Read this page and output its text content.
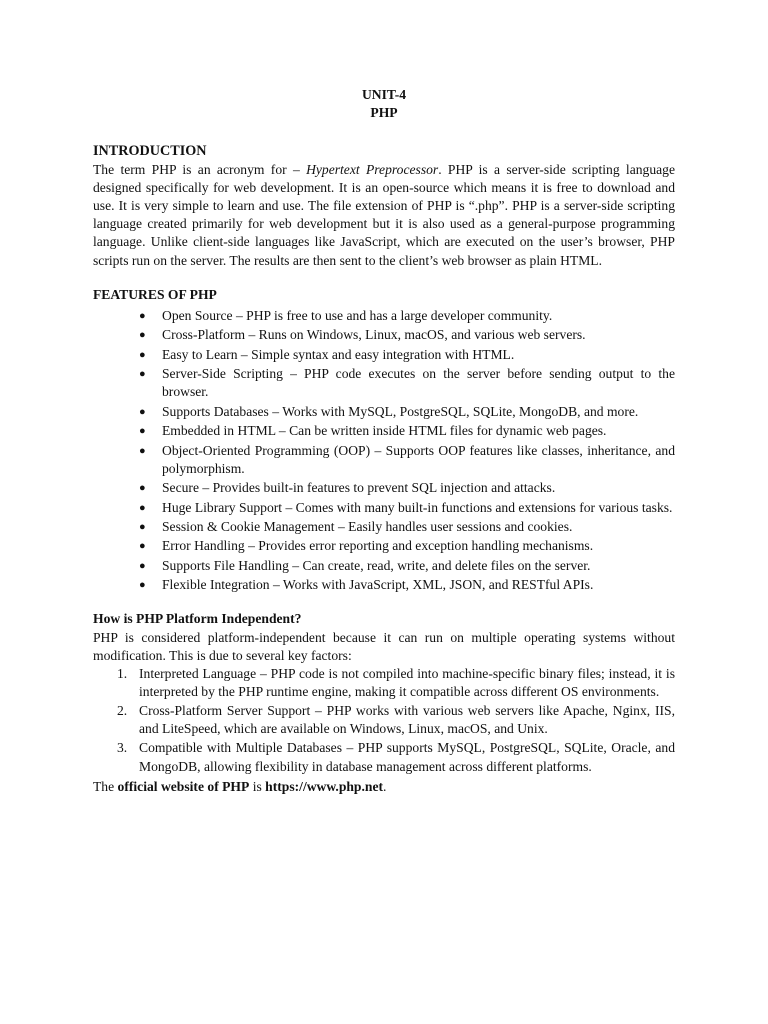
UNIT-4
PHP
INTRODUCTION

The term PHP is an acronym for – Hypertext Preprocessor. PHP is a server-side scripting language designed specifically for web development. It is an open-source which means it is free to download and use. It is very simple to learn and use. The file extension of PHP is “.php”. PHP is a server-side scripting language created primarily for web development but it is also used as a general-purpose programming language. Unlike client-side languages like JavaScript, which are executed on the user’s browser, PHP scripts run on the server. The results are then sent to the client’s web browser as plain HTML.

FEATURES OF PHP
● Open Source – PHP is free to use and has a large developer community.
● Cross-Platform – Runs on Windows, Linux, macOS, and various web servers.
● Easy to Learn – Simple syntax and easy integration with HTML.
● Server-Side Scripting – PHP code executes on the server before sending output to the browser.
● Supports Databases – Works with MySQL, PostgreSQL, SQLite, MongoDB, and more.
● Embedded in HTML – Can be written inside HTML files for dynamic web pages.
● Object-Oriented Programming (OOP) – Supports OOP features like classes, inheritance, and polymorphism.
● Secure – Provides built-in features to prevent SQL injection and attacks.
● Huge Library Support – Comes with many built-in functions and extensions for various tasks.
● Session & Cookie Management – Easily handles user sessions and cookies.
● Error Handling – Provides error reporting and exception handling mechanisms.
● Supports File Handling – Can create, read, write, and delete files on the server.
● Flexible Integration – Works with JavaScript, XML, JSON, and RESTful APIs.
How is PHP Platform Independent?

PHP is considered platform-independent because it can run on multiple operating systems without modification. This is due to several key factors:

1. Interpreted Language – PHP code is not compiled into machine-specific binary files; instead, it is interpreted by the PHP runtime engine, making it compatible across different OS environments.
2. Cross-Platform Server Support – PHP works with various web servers like Apache, Nginx, IIS, and LiteSpeed, which are available on Windows, Linux, macOS, and Unix.
3. Compatible with Multiple Databases – PHP supports MySQL, PostgreSQL, SQLite, Oracle, and MongoDB, allowing flexibility in database management across different platforms.

The official website of PHP is https://www.php.net.
